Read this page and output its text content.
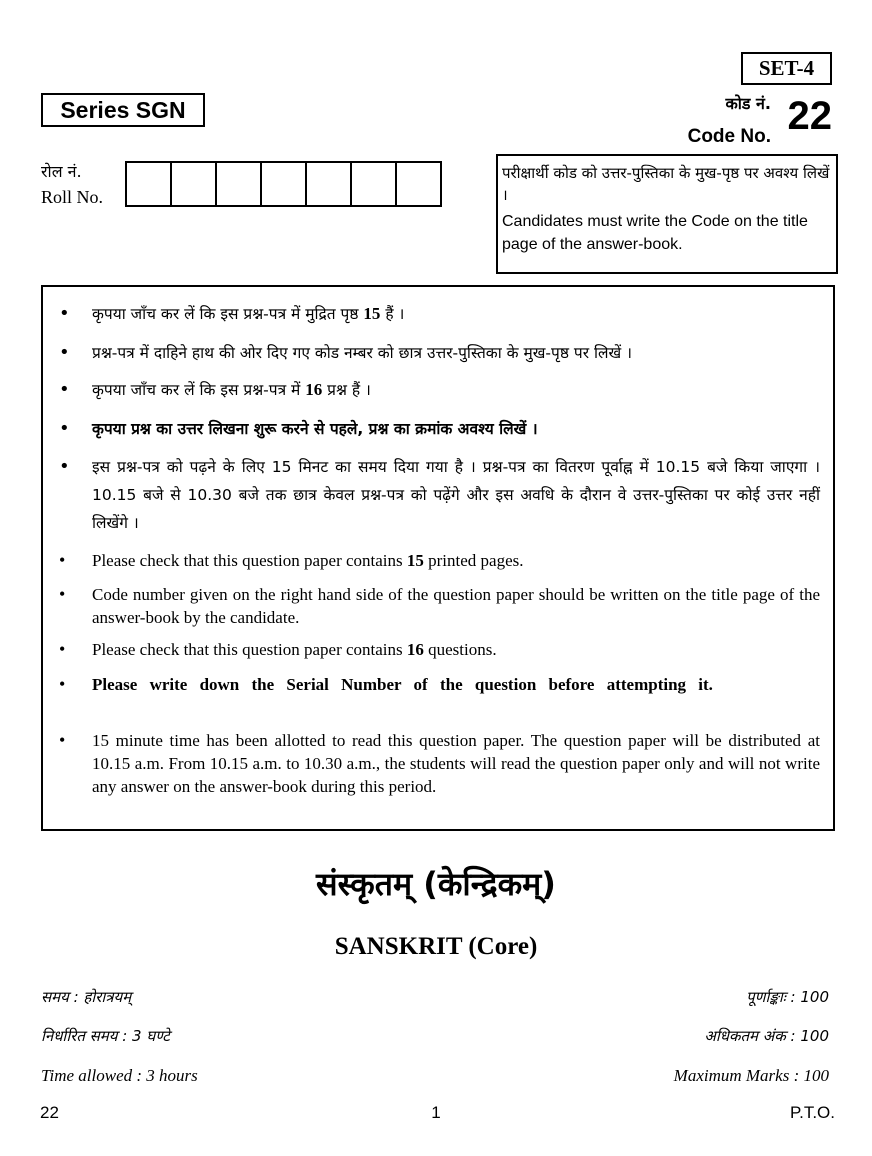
SET-4
Series SGN	कोड नं.
Code No. 22
रोल नं.
Roll No.
परीक्षार्थी कोड को उत्तर-पुस्तिका के मुख-पृष्ठ पर अवश्य लिखें ।
Candidates must write the Code on the title page of the answer-book.
• कृपया जाँच कर लें कि इस प्रश्न-पत्र में मुद्रित पृष्ठ 15 हैं ।
• प्रश्न-पत्र में दाहिने हाथ की ओर दिए गए कोड नम्बर को छात्र उत्तर-पुस्तिका के मुख-पृष्ठ पर लिखें ।
• कृपया जाँच कर लें कि इस प्रश्न-पत्र में 16 प्रश्न हैं ।
• कृपया प्रश्न का उत्तर लिखना शुरू करने से पहले, प्रश्न का क्रमांक अवश्य लिखें ।
• इस प्रश्न-पत्र को पढ़ने के लिए 15 मिनट का समय दिया गया है । प्रश्न-पत्र का वितरण पूर्वाह्न में 10.15 बजे किया जाएगा । 10.15 बजे से 10.30 बजे तक छात्र केवल प्रश्न-पत्र को पढ़ेंगे और इस अवधि के दौरान वे उत्तर-पुस्तिका पर कोई उत्तर नहीं लिखेंगे ।
• Please check that this question paper contains 15 printed pages.
• Code number given on the right hand side of the question paper should be written on the title page of the answer-book by the candidate.
• Please check that this question paper contains 16 questions.
• Please write down the Serial Number of the question before attempting it.
• 15 minute time has been allotted to read this question paper. The question paper will be distributed at 10.15 a.m. From 10.15 a.m. to 10.30 a.m., the students will read the question paper only and will not write any answer on the answer-book during this period.
संस्कृतम् (केन्द्रिकम्)
SANSKRIT (Core)
समय : होरात्रयम्	पूर्णाङ्काः : 100
निर्धारित समय : 3 घण्टे	अधिकतम अंक : 100
Time allowed : 3 hours	Maximum Marks : 100
22	1	P.T.O.
